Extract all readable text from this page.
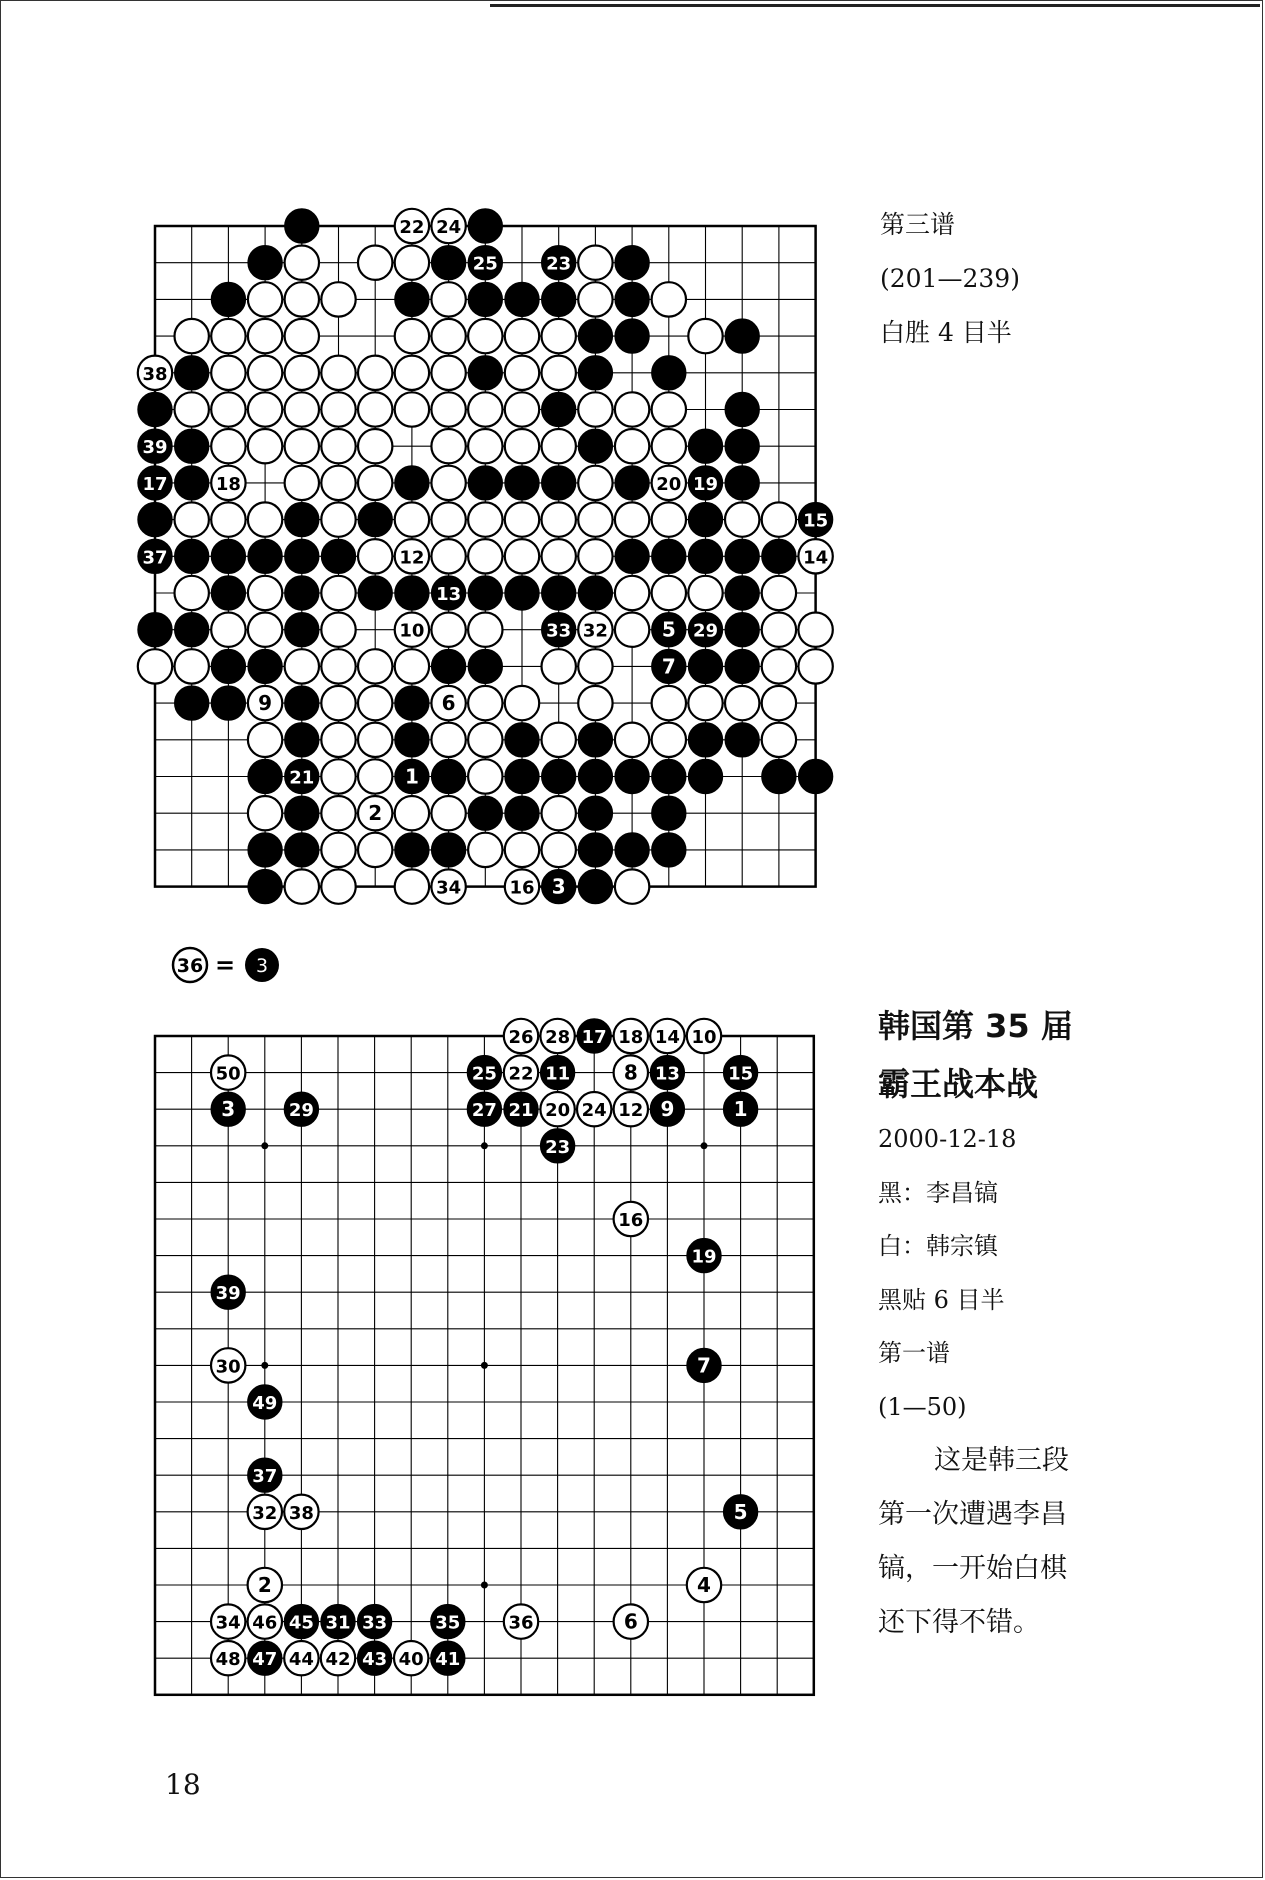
22 24
25	23
38
39
17	18	20 19
15
37	12	14
13
10	33 32	5 29
7
9	6
21	1
2
34	16 3
第三谱
(201—239)
白胜 4 目半
36 = 3
26 28 17 18 14 10
50	25 22 11	8 13	15
3	29	27 21 20 24 12 9	1
23
16
19
39
30	7
49
37
32 38	5
2	4
34 46 45 31 33	35	36	6
48 47 44 42 43 40 41
韩国第 35 届
霸王战本战
2000-12-18
黑：李昌镐
白：韩宗镇
黑贴 6 目半
第一谱
(1—50)
这是韩三段
第一次遭遇李昌
镐，一开始白棋
还下得不错。
18
